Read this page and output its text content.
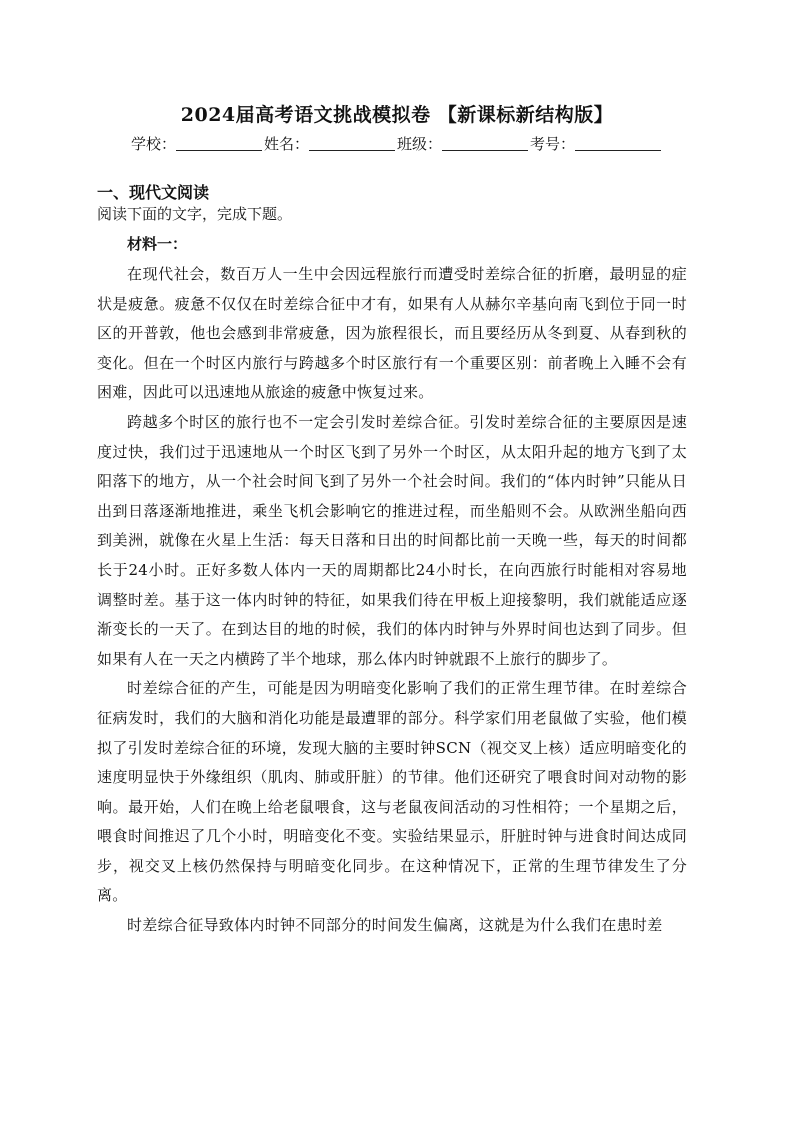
2024届高考语文挑战模拟卷 【新课标新结构版】
学校：	姓名：	班级：	考号：
一、现代文阅读
阅读下面的文字，完成下题。
材料一：

在现代社会，数百万人一生中会因远程旅行而遭受时差综合征的折磨，最明显的症状是疲惫。疲惫不仅仅在时差综合征中才有，如果有人从赫尔辛基向南飞到位于同一时区的开普敦，他也会感到非常疲惫，因为旅程很长，而且要经历从冬到夏、从春到秋的变化。但在一个时区内旅行与跨越多个时区旅行有一个重要区别：前者晚上入睡不会有困难，因此可以迅速地从旅途的疲惫中恢复过来。

跨越多个时区的旅行也不一定会引发时差综合征。引发时差综合征的主要原因是速度过快，我们过于迅速地从一个时区飞到了另外一个时区，从太阳升起的地方飞到了太阳落下的地方，从一个社会时间飞到了另外一个社会时间。我们的“体内时钟”只能从日出到日落逐渐地推进，乘坐飞机会影响它的推进过程，而坐船则不会。从欧洲坐船向西到美洲，就像在火星上生活：每天日落和日出的时间都比前一天晚一些，每天的时间都长于24小时。正好多数人体内一天的周期都比24小时长，在向西旅行时能相对容易地调整时差。基于这一体内时钟的特征，如果我们待在甲板上迎接黎明，我们就能适应逐渐变长的一天了。在到达目的地的时候，我们的体内时钟与外界时间也达到了同步。但如果有人在一天之内横跨了半个地球，那么体内时钟就跟不上旅行的脚步了。

时差综合征的产生，可能是因为明暗变化影响了我们的正常生理节律。在时差综合征病发时，我们的大脑和消化功能是最遭罪的部分。科学家们用老鼠做了实验，他们模拟了引发时差综合征的环境，发现大脑的主要时钟SCN（视交叉上核）适应明暗变化的速度明显快于外缘组织（肌肉、肺或肝脏）的节律。他们还研究了喂食时间对动物的影响。最开始，人们在晚上给老鼠喂食，这与老鼠夜间活动的习性相符；一个星期之后，喂食时间推迟了几个小时，明暗变化不变。实验结果显示，肝脏时钟与进食时间达成同步，视交叉上核仍然保持与明暗变化同步。在这种情况下，正常的生理节律发生了分离。

时差综合征导致体内时钟不同部分的时间发生偏离，这就是为什么我们在患时差
